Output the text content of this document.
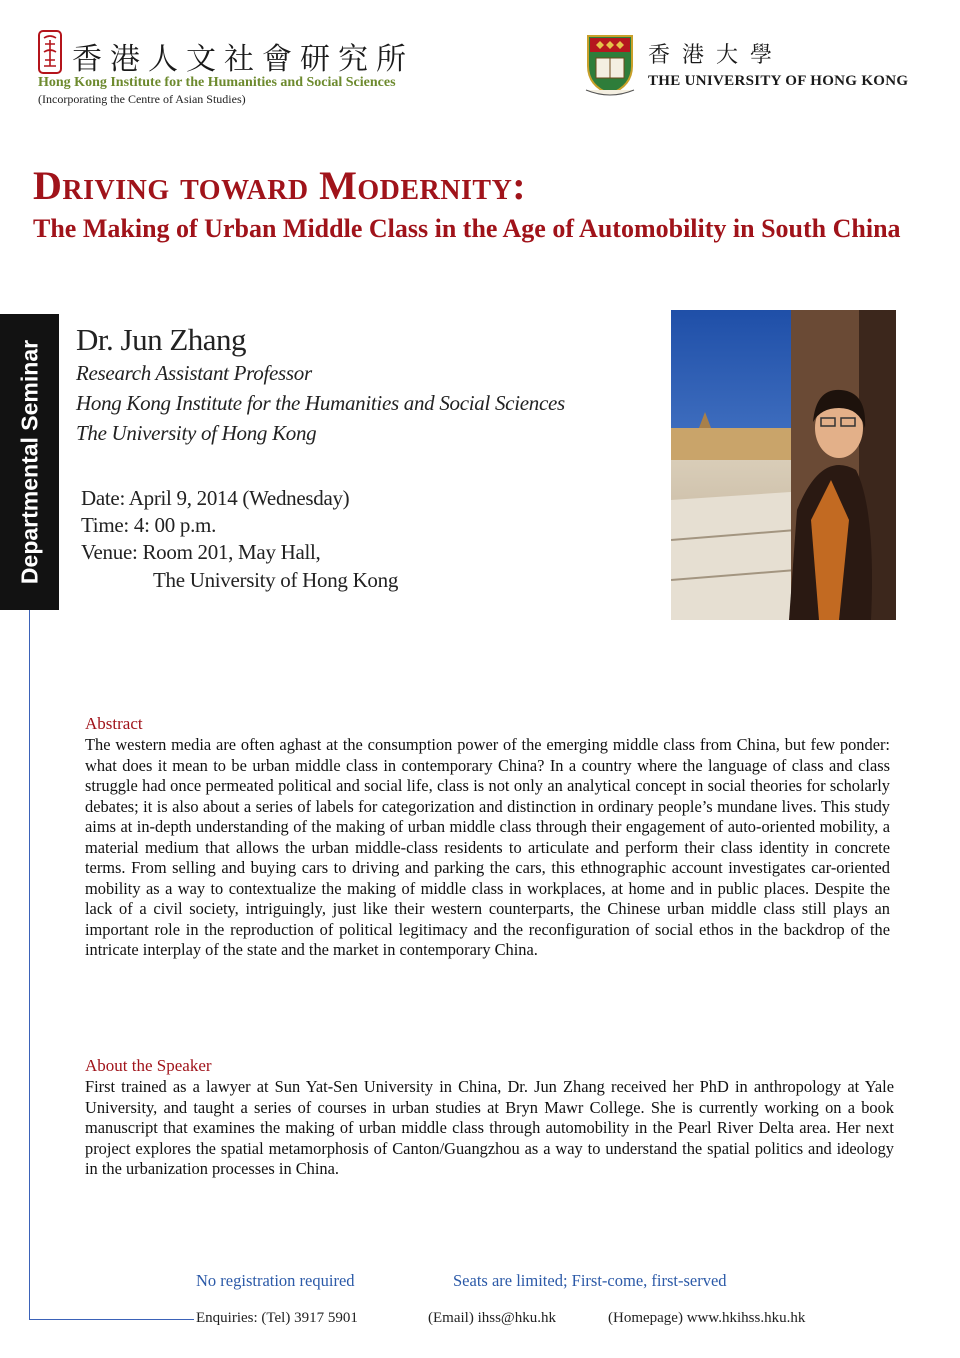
香港人文社會研究所
Hong Kong Institute for the Humanities and Social Sciences
(Incorporating the Centre of Asian Studies)
香港大學
THE UNIVERSITY OF HONG KONG
Driving toward Modernity:
The Making of Urban Middle Class in the Age of Automobility in South China
Departmental Seminar
Dr. Jun Zhang
Research Assistant Professor
Hong Kong Institute for the Humanities and Social Sciences
The University of Hong Kong
Date: April 9, 2014 (Wednesday)
Time: 4: 00 p.m.
Venue: Room 201, May Hall,
The University of Hong Kong
Abstract
The western media are often aghast at the consumption power of the emerging middle class from China, but few ponder: what does it mean to be urban middle class in contemporary China? In a country where the language of class and class struggle had once permeated political and social life, class is not only an analytical concept in social theories for scholarly debates; it is also about a series of labels for categorization and distinction in ordinary people’s mundane lives. This study aims at in-depth understanding of the making of urban middle class through their engagement of auto-oriented mobility, a material medium that allows the urban middle-class residents to articulate and perform their class identity in concrete terms. From selling and buying cars to driving and parking the cars, this ethnographic account investigates car-oriented mobility as a way to contextualize the making of middle class in workplaces, at home and in public places. Despite the lack of a civil society, intriguingly, just like their western counterparts, the Chinese urban middle class still plays an important role in the reproduction of political legitimacy and the reconfiguration of social ethos in the backdrop of the intricate interplay of the state and the market in contemporary China.
About the Speaker
First trained as a lawyer at Sun Yat-Sen University in China, Dr. Jun Zhang received her PhD in anthropology at Yale University, and taught a series of courses in urban studies at Bryn Mawr College. She is currently working on a book manuscript that examines the making of urban middle class through automobility in the Pearl River Delta area. Her next project explores the spatial metamorphosis of Canton/Guangzhou as a way to understand the spatial politics and ideology in the urbanization processes in China.
No registration required	Seats are limited; First-come, first-served
Enquiries: (Tel) 3917 5901	(Email) ihss@hku.hk	(Homepage) www.hkihss.hku.hk
